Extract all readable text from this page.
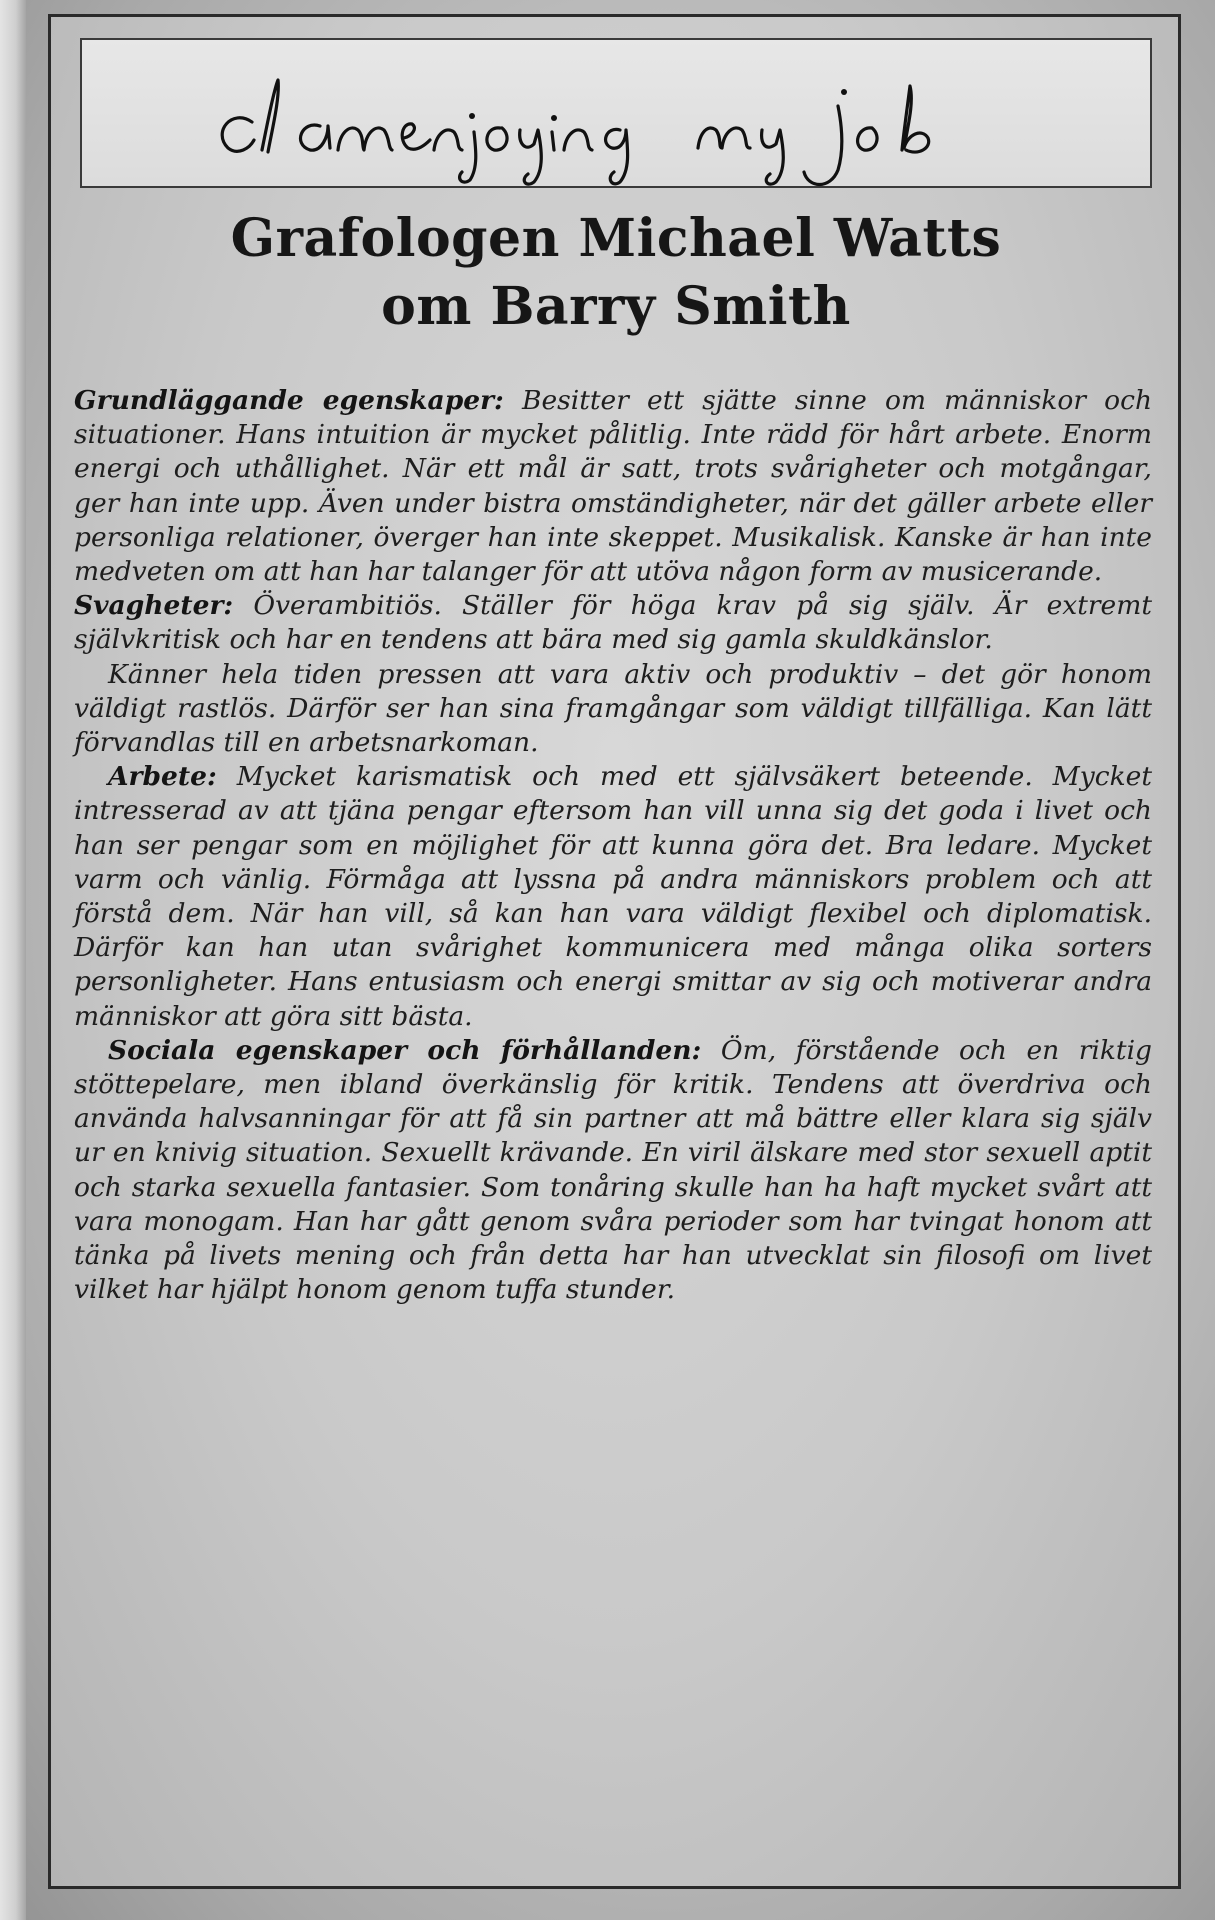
Grafologen Michael Watts
om Barry Smith

Grundläggande egenskaper: Besitter ett sjätte sinne om människor och situationer. Hans intuition är mycket pålitlig. Inte rädd för hårt arbete. Enorm energi och uthållighet. När ett mål är satt, trots svårigheter och motgångar, ger han inte upp. Även under bistra omständigheter, när det gäller arbete eller personliga relationer, överger han inte skeppet. Musikalisk. Kanske är han inte medveten om att han har talanger för att utöva någon form av musicerande.

Svagheter: Överambitiös. Ställer för höga krav på sig själv. Är extremt självkritisk och har en tendens att bära med sig gamla skuldkänslor.

Känner hela tiden pressen att vara aktiv och produktiv – det gör honom väldigt rastlös. Därför ser han sina framgångar som väldigt tillfälliga. Kan lätt förvandlas till en arbetsnarkoman.

Arbete: Mycket karismatisk och med ett självsäkert beteende. Mycket intresserad av att tjäna pengar eftersom han vill unna sig det goda i livet och han ser pengar som en möjlighet för att kunna göra det. Bra ledare. Mycket varm och vänlig. Förmåga att lyssna på andra människors problem och att förstå dem. När han vill, så kan han vara väldigt flexibel och diplomatisk. Därför kan han utan svårighet kommunicera med många olika sorters personligheter. Hans entusiasm och energi smittar av sig och motiverar andra människor att göra sitt bästa.

Sociala egenskaper och förhållanden: Öm, förstående och en riktig stöttepelare, men ibland överkänslig för kritik. Tendens att överdriva och använda halvsanningar för att få sin partner att må bättre eller klara sig själv ur en knivig situation. Sexuellt krävande. En viril älskare med stor sexuell aptit och starka sexuella fantasier. Som tonåring skulle han ha haft mycket svårt att vara monogam. Han har gått genom svåra perioder som har tvingat honom att tänka på livets mening och från detta har han utvecklat sin filosofi om livet vilket har hjälpt honom genom tuffa stunder.
